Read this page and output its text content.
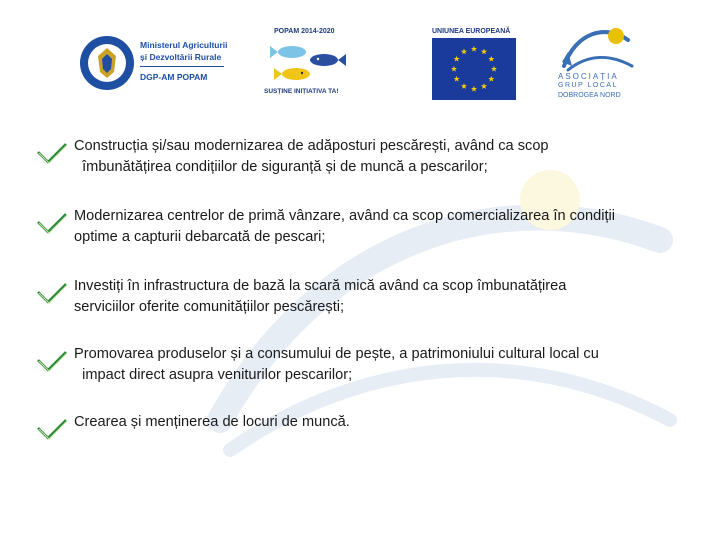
Ministerul Agriculturii
și Dezvoltării Rurale
DGP-AM POPAM
POPAM 2014-2020
SUSȚINE INIȚIATIVA TA!
UNIUNEA EUROPEANĂ
ASOCIAȚIA
GRUP LOCAL
DOBROGEA NORD
Construcția și/sau modernizarea de adăposturi pescărești, având ca scop
îmbunătățirea condițiilor de siguranță și de muncă a pescarilor;
Modernizarea centrelor de primă vânzare, având ca scop comercializarea în condiții
optime a capturii debarcată de pescari;
Investiți în infrastructura de bază la scară mică având ca scop îmbunatățirea
serviciilor oferite comunitățiilor pescărești;
Promovarea produselor și a consumului de pește, a patrimoniului cultural local cu
impact direct asupra veniturilor pescarilor;
Crearea și menținerea de locuri de muncă.
